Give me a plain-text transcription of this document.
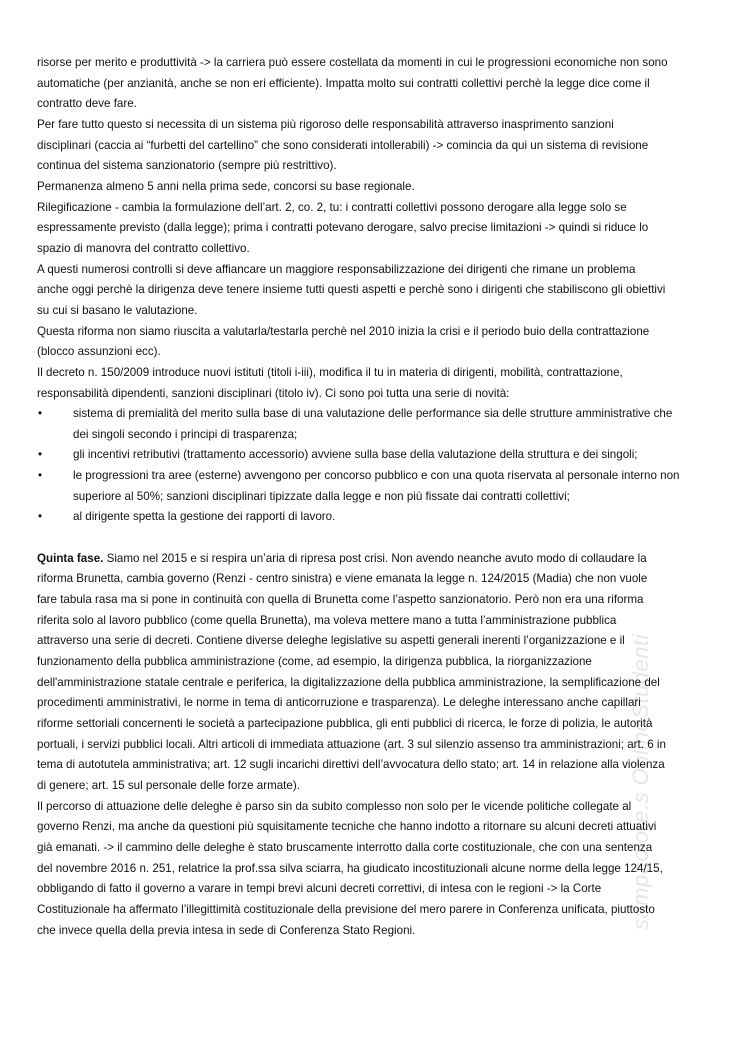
sampaolore.s OnlineStudenti
risorse per merito e produttività -> la carriera può essere costellata da momenti in cui le progressioni economiche non sono
automatiche (per anzianità, anche se non eri efficiente). Impatta molto sui contratti collettivi perchè la legge dice come il
contratto deve fare.
Per fare tutto questo si necessita di un sistema più rigoroso delle responsabilità attraverso inasprimento sanzioni
disciplinari (caccia ai “furbetti del cartellino” che sono considerati intollerabili) -> comincia da qui un sistema di revisione
continua del sistema sanzionatorio (sempre più restrittivo).
Permanenza almeno 5 anni nella prima sede, concorsi su base regionale.
Rilegificazione - cambia la formulazione dell’art. 2, co. 2, tu: i contratti collettivi possono derogare alla legge solo se
espressamente previsto (dalla legge); prima i contratti potevano derogare, salvo precise limitazioni -> quindi si riduce lo
spazio di manovra del contratto collettivo.
A questi numerosi controlli si deve affiancare un maggiore responsabilizzazione dei dirigenti che rimane un problema
anche oggi perchè la dirigenza deve tenere insieme tutti questi aspetti e perchè sono i dirigenti che stabiliscono gli obiettivi
su cui si basano le valutazione.
Questa riforma non siamo riuscita a valutarla/testarla perchè nel 2010 inizia la crisi e il periodo buio della contrattazione
(blocco assunzioni ecc).
Il decreto n. 150/2009 introduce nuovi istituti (titoli i-iii), modifica il tu in materia di dirigenti, mobilità, contrattazione,
responsabilità dipendenti, sanzioni disciplinari (titolo iv). Ci sono poi tutta una serie di novità:
•	sistema di premialità del merito sulla base di una valutazione delle performance sia delle strutture amministrative che
dei singoli secondo i principi di trasparenza;
•	gli incentivi retributivi (trattamento accessorio) avviene sulla base della valutazione della struttura e dei singoli;
•	le progressioni tra aree (esterne) avvengono per concorso pubblico e con una quota riservata al personale interno non
superiore al 50%; sanzioni disciplinari tipizzate dalla legge e non più fissate dai contratti collettivi;
•	al dirigente spetta la gestione dei rapporti di lavoro.
Quinta fase. Siamo nel 2015 e si respira un’aria di ripresa post crisi. Non avendo neanche avuto modo di collaudare la
riforma Brunetta, cambia governo (Renzi - centro sinistra) e viene emanata la legge n. 124/2015 (Madia) che non vuole
fare tabula rasa ma si pone in continuità con quella di Brunetta come l’aspetto sanzionatorio. Però non era una riforma
riferita solo al lavoro pubblico (come quella Brunetta), ma voleva mettere mano a tutta l’amministrazione pubblica
attraverso una serie di decreti. Contiene diverse deleghe legislative su aspetti generali inerenti l’organizzazione e il
funzionamento della pubblica amministrazione (come, ad esempio, la dirigenza pubblica, la riorganizzazione
dell'amministrazione statale centrale e periferica, la digitalizzazione della pubblica amministrazione, la semplificazione del
procedimenti amministrativi, le norme in tema di anticorruzione e trasparenza). Le deleghe interessano anche capillari
riforme settoriali concernenti le società a partecipazione pubblica, gli enti pubblici di ricerca, le forze di polizia, le autorità
portuali, i servizi pubblici locali. Altri articoli di immediata attuazione (art. 3 sul silenzio assenso tra amministrazioni; art. 6 in
tema di autotutela amministrativa; art. 12 sugli incarichi direttivi dell’avvocatura dello stato; art. 14 in relazione alla violenza
di genere; art. 15 sul personale delle forze armate).
Il percorso di attuazione delle deleghe è parso sin da subito complesso non solo per le vicende politiche collegate al
governo Renzi, ma anche da questioni più squisitamente tecniche che hanno indotto a ritornare su alcuni decreti attuativi
già emanati. -> il cammino delle deleghe è stato bruscamente interrotto dalla corte costituzionale, che con una sentenza
del novembre 2016 n. 251, relatrice la prof.ssa silva sciarra, ha giudicato incostituzionali alcune norme della legge 124/15,
obbligando di fatto il governo a varare in tempi brevi alcuni decreti correttivi, di intesa con le regioni -> la Corte
Costituzionale ha affermato l’illegittimità costituzionale della previsione del mero parere in Conferenza unificata, piuttosto
che invece quella della previa intesa in sede di Conferenza Stato Regioni.
